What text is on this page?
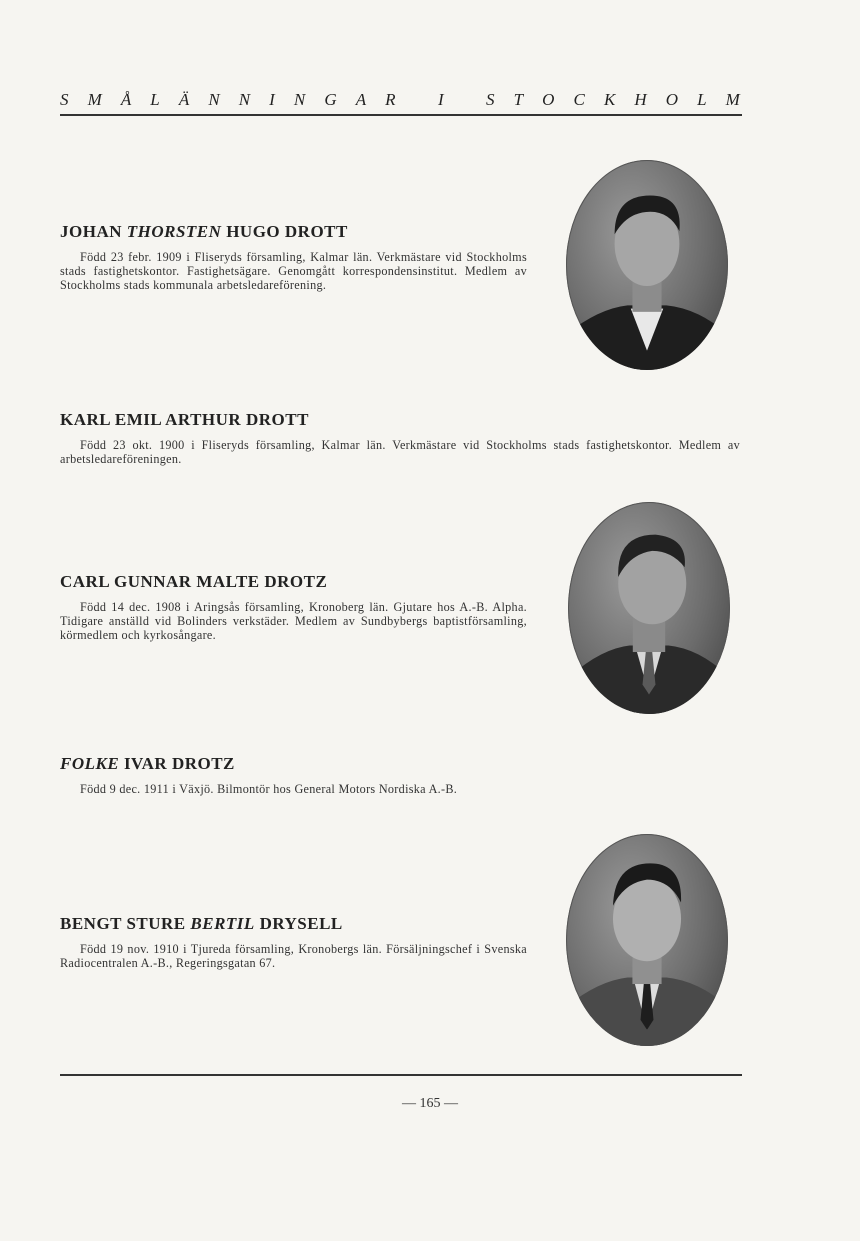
S M Å L Ä N N I N G A R
I
S T O C K H O L M
JOHAN THORSTEN HUGO DROTT

Född 23 febr. 1909 i Fliseryds församling, Kalmar län. Verkmästare vid Stockholms stads fastighetskontor. Fastighetsägare. Genomgått korrespondensinstitut. Medlem av Stockholms stads kommunala arbetsledareförening.

KARL EMIL ARTHUR DROTT

Född 23 okt. 1900 i Fliseryds församling, Kalmar län. Verkmästare vid Stockholms stads fastighetskontor. Medlem av arbetsledareföreningen.

CARL GUNNAR MALTE DROTZ

Född 14 dec. 1908 i Aringsås församling, Kronoberg län. Gjutare hos A.-B. Alpha. Tidigare anställd vid Bolinders verkstäder. Medlem av Sundbybergs baptistförsamling, körmedlem och kyrkosångare.

FOLKE IVAR DROTZ

Född 9 dec. 1911 i Växjö. Bilmontör hos General Motors Nordiska A.-B.

BENGT STURE BERTIL DRYSELL

Född 19 nov. 1910 i Tjureda församling, Kronobergs län. Försäljningschef i Svenska Radiocentralen A.-B., Regeringsgatan 67.

— 165 —
